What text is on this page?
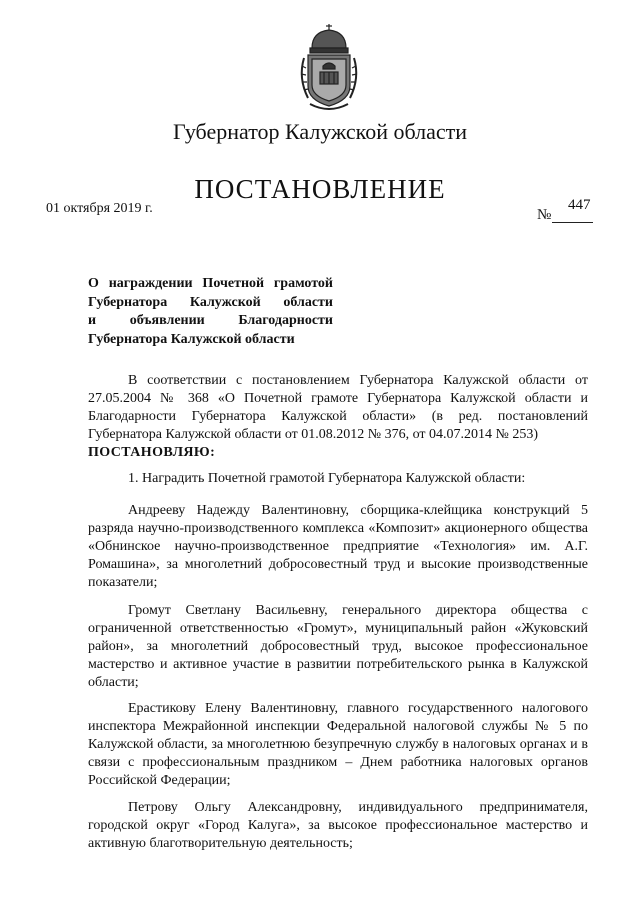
Губернатор Калужской области
ПОСТАНОВЛЕНИЕ
01 октября 2019 г.	№
447
О награждении Почетной грамотой
Губернатора Калужской области
и объявлении Благодарности
Губернатора Калужской области
В соответствии с постановлением Губернатора Калужской области от 27.05.2004 № 368 «О Почетной грамоте Губернатора Калужской области и Благодарности Губернатора Калужской области» (в ред. постановлений Губернатора Калужской области от 01.08.2012 № 376, от 04.07.2014 № 253)
ПОСТАНОВЛЯЮ:
1. Наградить Почетной грамотой Губернатора Калужской области:
Андрееву Надежду Валентиновну, сборщика-клейщика конструкций 5 разряда научно-производственного комплекса «Композит» акционерного общества «Обнинское научно-производственное предприятие «Технология» им. А.Г. Ромашина», за многолетний добросовестный труд и высокие производственные показатели;
Громут Светлану Васильевну, генерального директора общества с ограниченной ответственностью «Громут», муниципальный район «Жуковский район», за многолетний добросовестный труд, высокое профессиональное мастерство и активное участие в развитии потребительского рынка в Калужской области;
Ерастикову Елену Валентиновну, главного государственного налогового инспектора Межрайонной инспекции Федеральной налоговой службы № 5 по Калужской области, за многолетнюю безупречную службу в налоговых органах и в связи с профессиональным праздником – Днем работника налоговых органов Российской Федерации;
Петрову Ольгу Александровну, индивидуального предпринимателя, городской округ «Город Калуга», за высокое профессиональное мастерство и активную благотворительную деятельность;
